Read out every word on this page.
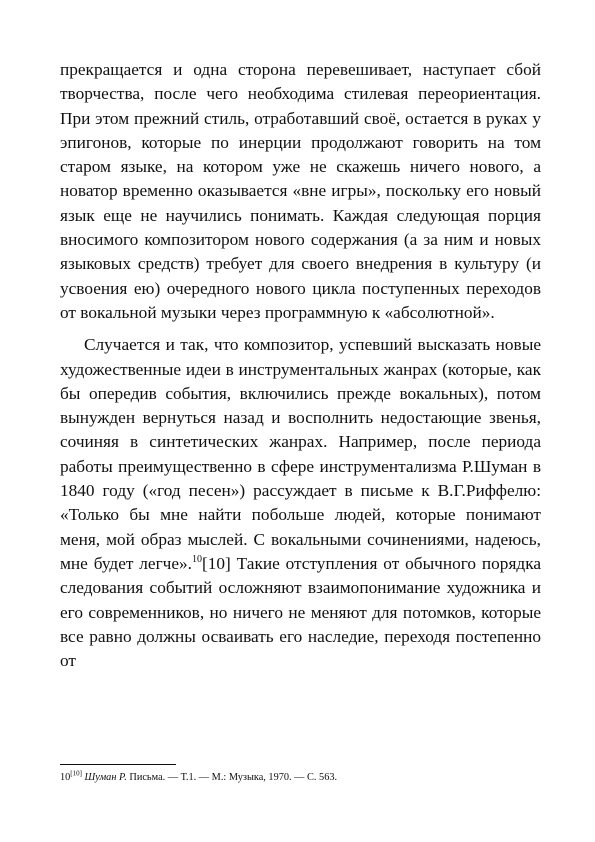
прекращается и одна сторона перевешивает, наступает сбой творчества, после чего необходима стилевая переориентация. При этом прежний стиль, отработавший своё, остается в руках у эпигонов, которые по инерции продолжают говорить на том старом языке, на котором уже не скажешь ничего нового, а новатор временно оказывается «вне игры», поскольку его новый язык еще не научились понимать. Каждая следующая порция вносимого композитором нового содержания (а за ним и новых языковых средств) требует для своего внедрения в культуру (и усвоения ею) очередного нового цикла поступенных переходов от вокальной музыки через программную к «абсолютной».

Случается и так, что композитор, успевший высказать новые художественные идеи в инструментальных жанрах (которые, как бы опередив события, включились прежде вокальных), потом вынужден вернуться назад и восполнить недостающие звенья, сочиняя в синтетических жанрах. Например, после периода работы преимущественно в сфере инструментализма Р.Шуман в 1840 году («год песен») рассуждает в письме к В.Г.Риффелю: «Только бы мне найти побольше людей, которые понимают меня, мой образ мыслей. С вокальными сочинениями, надеюсь, мне будет легче».$^{10}$[10] Такие отступления от обычного порядка следования событий осложняют взаимопонимание художника и его современников, но ничего не меняют для потомков, которые все равно должны осваивать его наследие, переходя постепенно от

10[10] Шуман Р. Письма. — Т.1. — М.: Музыка, 1970. — С. 563.
